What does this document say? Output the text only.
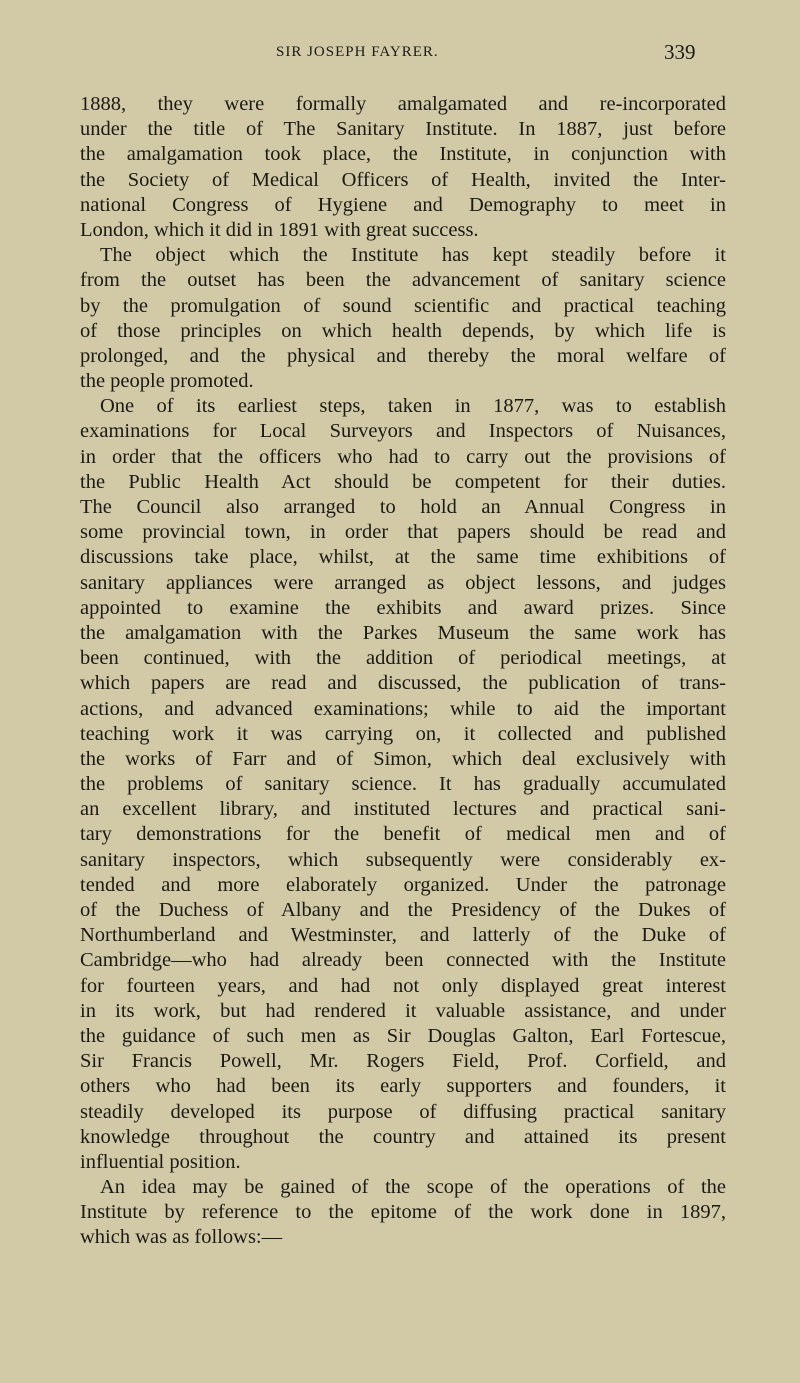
SIR JOSEPH FAYRER.	339
1888, they were formally amalgamated and re-incorporated
under the title of The Sanitary Institute. In 1887, just before
the amalgamation took place, the Institute, in conjunction with
the Society of Medical Officers of Health, invited the Inter-
national Congress of Hygiene and Demography to meet in
London, which it did in 1891 with great success.
The object which the Institute has kept steadily before it
from the outset has been the advancement of sanitary science
by the promulgation of sound scientific and practical teaching
of those principles on which health depends, by which life is
prolonged, and the physical and thereby the moral welfare of
the people promoted.
One of its earliest steps, taken in 1877, was to establish
examinations for Local Surveyors and Inspectors of Nuisances,
in order that the officers who had to carry out the provisions of
the Public Health Act should be competent for their duties.
The Council also arranged to hold an Annual Congress in
some provincial town, in order that papers should be read and
discussions take place, whilst, at the same time exhibitions of
sanitary appliances were arranged as object lessons, and judges
appointed to examine the exhibits and award prizes. Since
the amalgamation with the Parkes Museum the same work has
been continued, with the addition of periodical meetings, at
which papers are read and discussed, the publication of trans-
actions, and advanced examinations; while to aid the important
teaching work it was carrying on, it collected and published
the works of Farr and of Simon, which deal exclusively with
the problems of sanitary science. It has gradually accumulated
an excellent library, and instituted lectures and practical sani-
tary demonstrations for the benefit of medical men and of
sanitary inspectors, which subsequently were considerably ex-
tended and more elaborately organized. Under the patronage
of the Duchess of Albany and the Presidency of the Dukes of
Northumberland and Westminster, and latterly of the Duke of
Cambridge—who had already been connected with the Institute
for fourteen years, and had not only displayed great interest
in its work, but had rendered it valuable assistance, and under
the guidance of such men as Sir Douglas Galton, Earl Fortescue,
Sir Francis Powell, Mr. Rogers Field, Prof. Corfield, and
others who had been its early supporters and founders, it
steadily developed its purpose of diffusing practical sanitary
knowledge throughout the country and attained its present
influential position.
An idea may be gained of the scope of the operations of the
Institute by reference to the epitome of the work done in 1897,
which was as follows:—
